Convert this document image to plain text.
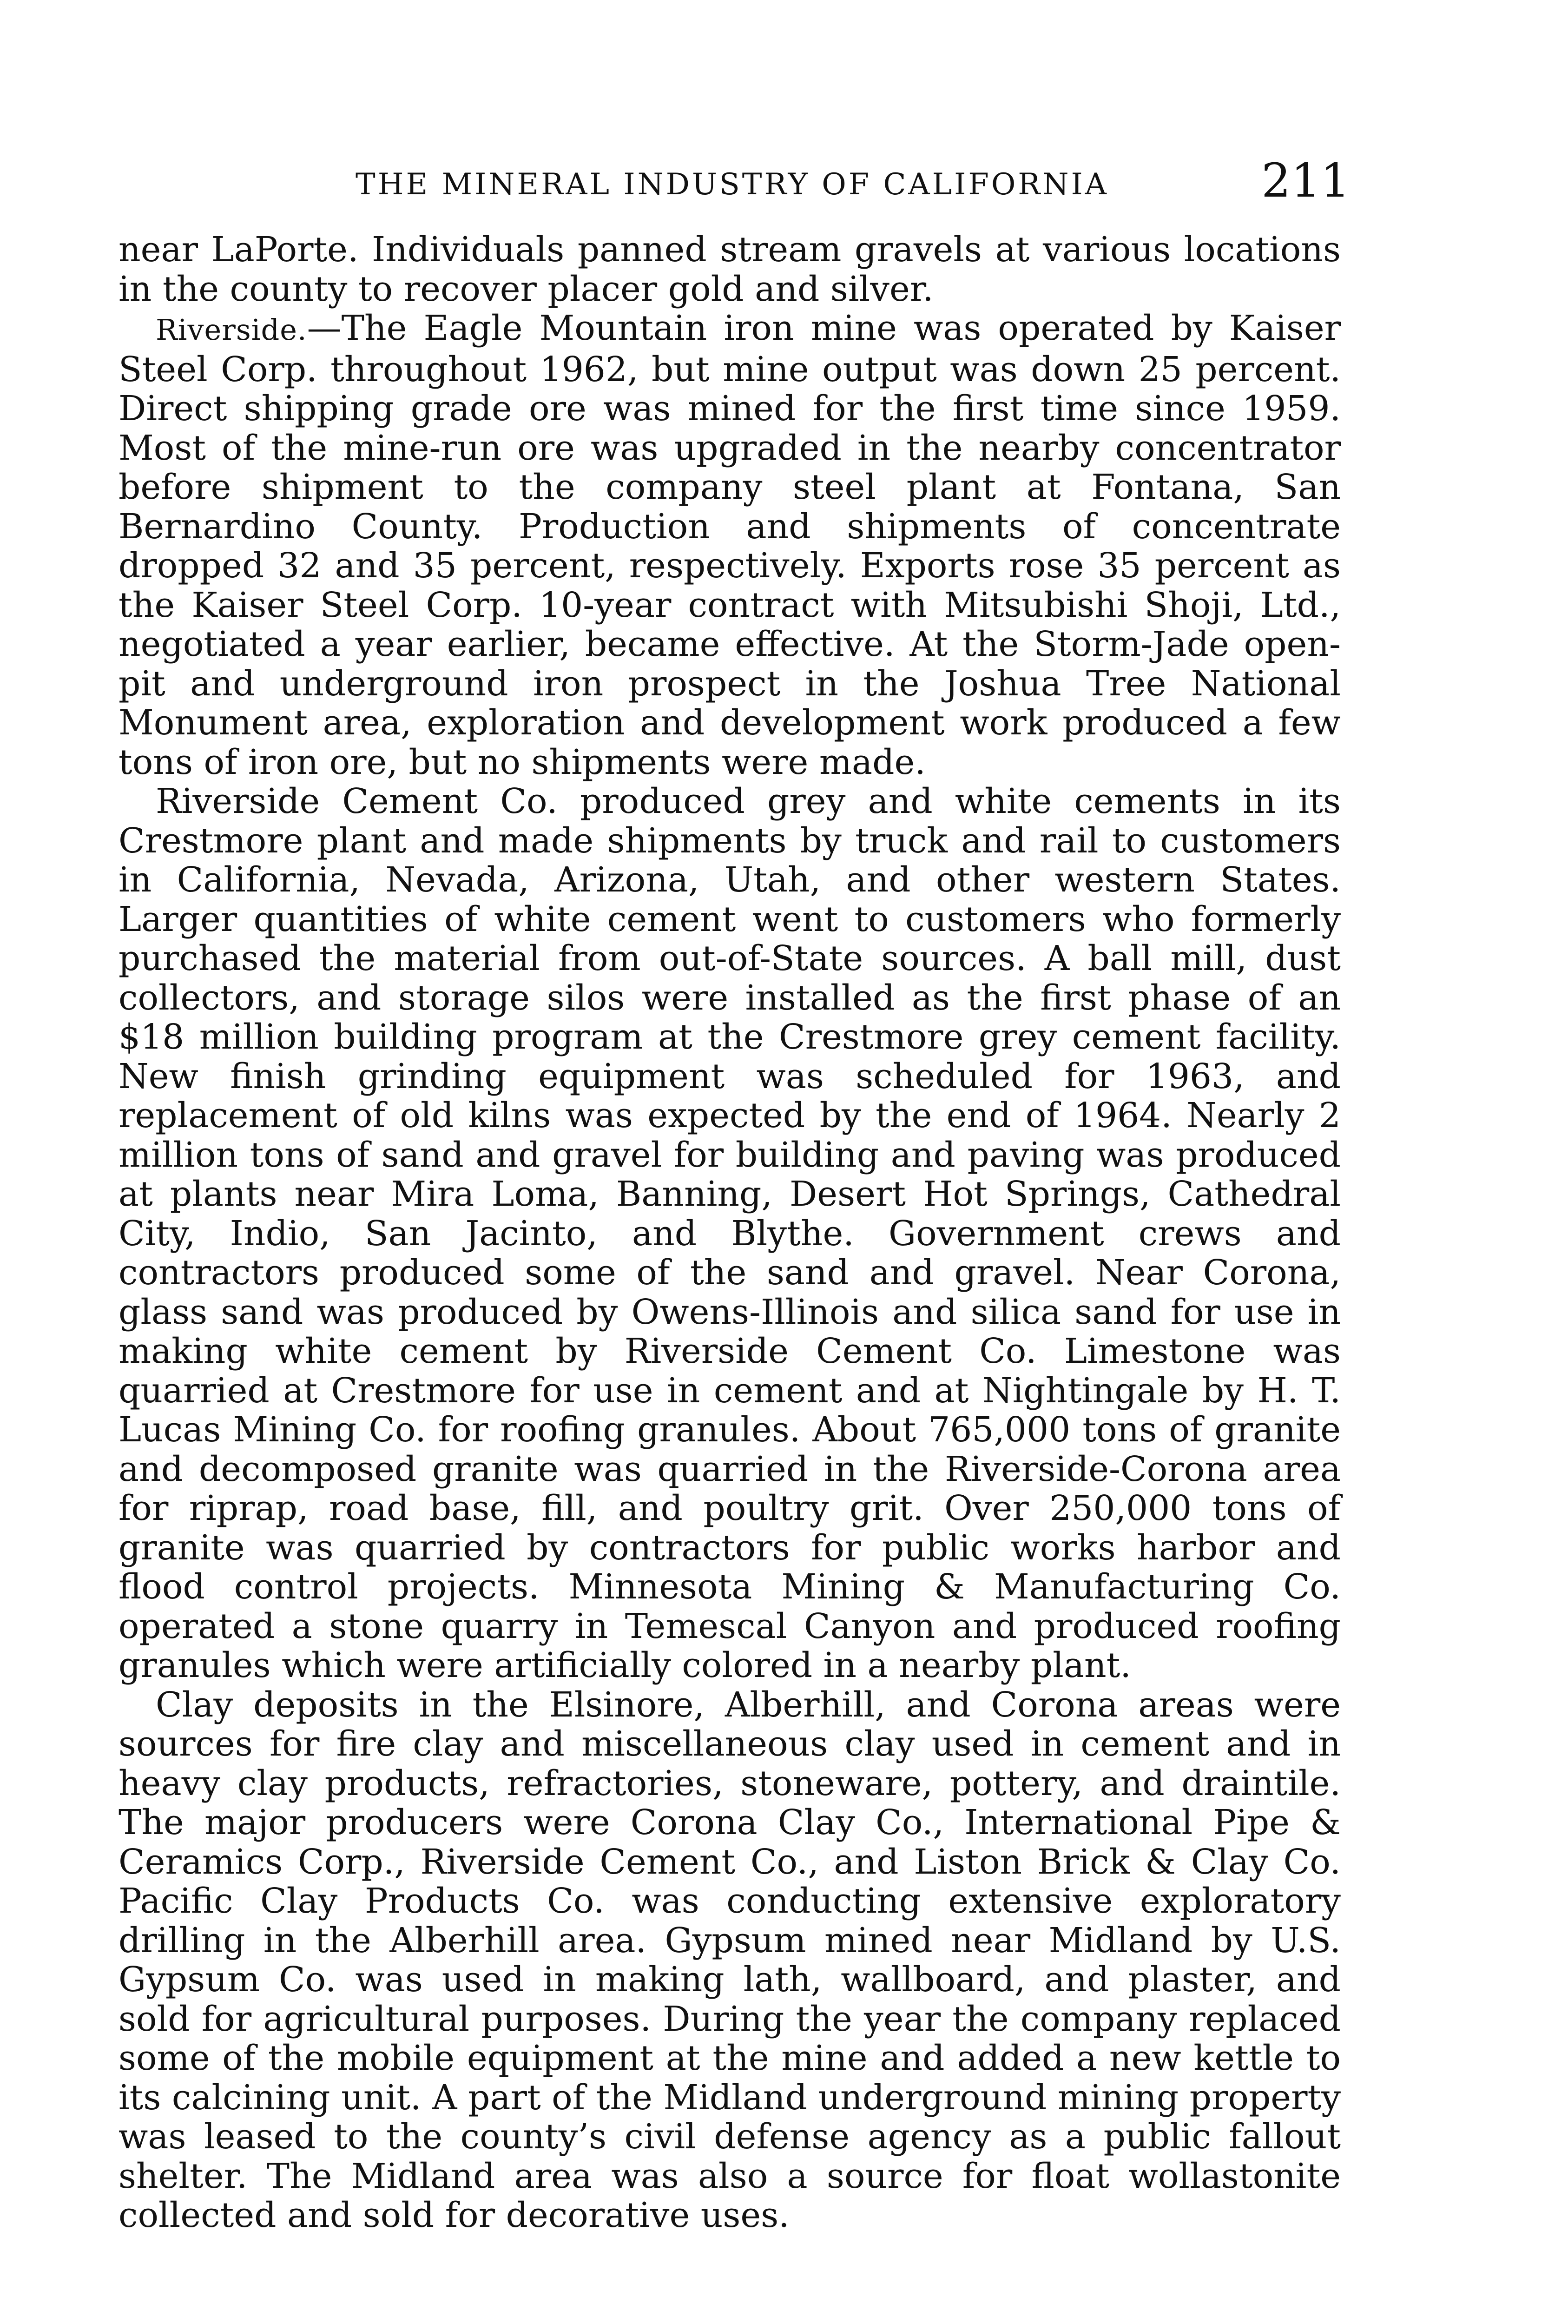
THE MINERAL INDUSTRY OF CALIFORNIA	211

near LaPorte. Individuals panned stream gravels at various locations in the county to recover placer gold and silver.

Riverside.—The Eagle Mountain iron mine was operated by Kaiser Steel Corp. throughout 1962, but mine output was down 25 percent. Direct shipping grade ore was mined for the first time since 1959. Most of the mine-run ore was upgraded in the nearby concentrator before shipment to the company steel plant at Fontana, San Bernardino County. Production and shipments of concentrate dropped 32 and 35 percent, respectively. Exports rose 35 percent as the Kaiser Steel Corp. 10-year contract with Mitsubishi Shoji, Ltd., negotiated a year earlier, became effective. At the Storm-Jade open-pit and underground iron prospect in the Joshua Tree National Monument area, exploration and development work produced a few tons of iron ore, but no shipments were made.

Riverside Cement Co. produced grey and white cements in its Crestmore plant and made shipments by truck and rail to customers in California, Nevada, Arizona, Utah, and other western States. Larger quantities of white cement went to customers who formerly purchased the material from out-of-State sources. A ball mill, dust collectors, and storage silos were installed as the first phase of an $18 million building program at the Crestmore grey cement facility. New finish grinding equipment was scheduled for 1963, and replacement of old kilns was expected by the end of 1964. Nearly 2 million tons of sand and gravel for building and paving was produced at plants near Mira Loma, Banning, Desert Hot Springs, Cathedral City, Indio, San Jacinto, and Blythe. Government crews and contractors produced some of the sand and gravel. Near Corona, glass sand was produced by Owens-Illinois and silica sand for use in making white cement by Riverside Cement Co. Limestone was quarried at Crestmore for use in cement and at Nightingale by H. T. Lucas Mining Co. for roofing granules. About 765,000 tons of granite and decomposed granite was quarried in the Riverside-Corona area for riprap, road base, fill, and poultry grit. Over 250,000 tons of granite was quarried by contractors for public works harbor and flood control projects. Minnesota Mining & Manufacturing Co. operated a stone quarry in Temescal Canyon and produced roofing granules which were artificially colored in a nearby plant.

Clay deposits in the Elsinore, Alberhill, and Corona areas were sources for fire clay and miscellaneous clay used in cement and in heavy clay products, refractories, stoneware, pottery, and draintile. The major producers were Corona Clay Co., International Pipe & Ceramics Corp., Riverside Cement Co., and Liston Brick & Clay Co. Pacific Clay Products Co. was conducting extensive exploratory drilling in the Alberhill area. Gypsum mined near Midland by U.S. Gypsum Co. was used in making lath, wallboard, and plaster, and sold for agricultural purposes. During the year the company replaced some of the mobile equipment at the mine and added a new kettle to its calcining unit. A part of the Midland underground mining property was leased to the county’s civil defense agency as a public fallout shelter. The Midland area was also a source for float wollastonite collected and sold for decorative uses.
